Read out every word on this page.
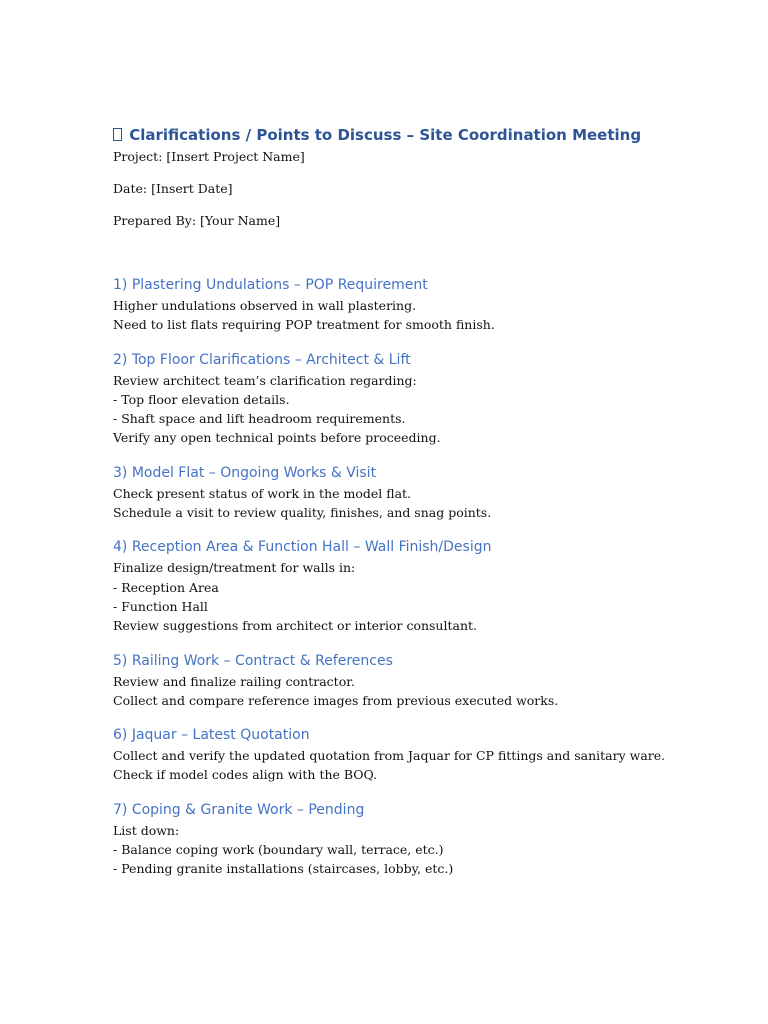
Clarifications / Points to Discuss – Site Coordination Meeting
Project: [Insert Project Name]
Date: [Insert Date]
Prepared By: [Your Name]
1) Plastering Undulations – POP Requirement
Higher undulations observed in wall plastering.
Need to list flats requiring POP treatment for smooth finish.
2) Top Floor Clarifications – Architect & Lift
Review architect team’s clarification regarding:
- Top floor elevation details.
- Shaft space and lift headroom requirements.
Verify any open technical points before proceeding.
3) Model Flat – Ongoing Works & Visit
Check present status of work in the model flat.
Schedule a visit to review quality, finishes, and snag points.
4) Reception Area & Function Hall – Wall Finish/Design
Finalize design/treatment for walls in:
- Reception Area
- Function Hall
Review suggestions from architect or interior consultant.
5) Railing Work – Contract & References
Review and finalize railing contractor.
Collect and compare reference images from previous executed works.
6) Jaquar – Latest Quotation
Collect and verify the updated quotation from Jaquar for CP fittings and sanitary ware.
Check if model codes align with the BOQ.
7) Coping & Granite Work – Pending
List down:
- Balance coping work (boundary wall, terrace, etc.)
- Pending granite installations (staircases, lobby, etc.)
